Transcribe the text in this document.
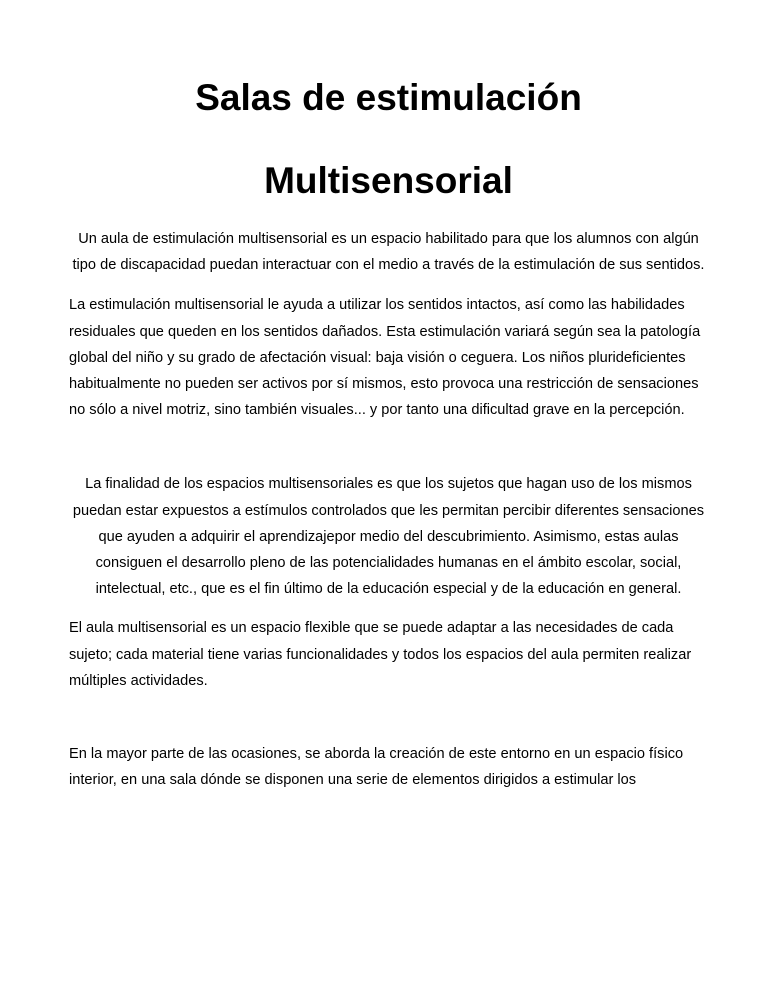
Salas de estimulación
Multisensorial

Un aula de estimulación multisensorial es un espacio habilitado para que los alumnos con algún tipo de discapacidad puedan interactuar con el medio a través de la estimulación de sus sentidos.

La estimulación multisensorial le ayuda a utilizar los sentidos intactos, así como las habilidades residuales que queden en los sentidos dañados. Esta estimulación variará según sea la patología global del niño y su grado de afectación visual: baja visión o ceguera. Los niños plurideficientes habitualmente no pueden ser activos por sí mismos, esto provoca una restricción de sensaciones no sólo a nivel motriz, sino también visuales... y por tanto una dificultad grave en la percepción.

La finalidad de los espacios multisensoriales es que los sujetos que hagan uso de los mismos puedan estar expuestos a estímulos controlados que les permitan percibir diferentes sensaciones que ayuden a adquirir el aprendizajepor medio del descubrimiento. Asimismo, estas aulas consiguen el desarrollo pleno de las potencialidades humanas en el ámbito escolar, social, intelectual, etc., que es el fin último de la educación especial y de la educación en general.

El aula multisensorial es un espacio flexible que se puede adaptar a las necesidades de cada sujeto; cada material tiene varias funcionalidades y todos los espacios del aula permiten realizar múltiples actividades.

En la mayor parte de las ocasiones, se aborda la creación de este entorno en un espacio físico interior, en una sala dónde se disponen una serie de elementos dirigidos a estimular los
